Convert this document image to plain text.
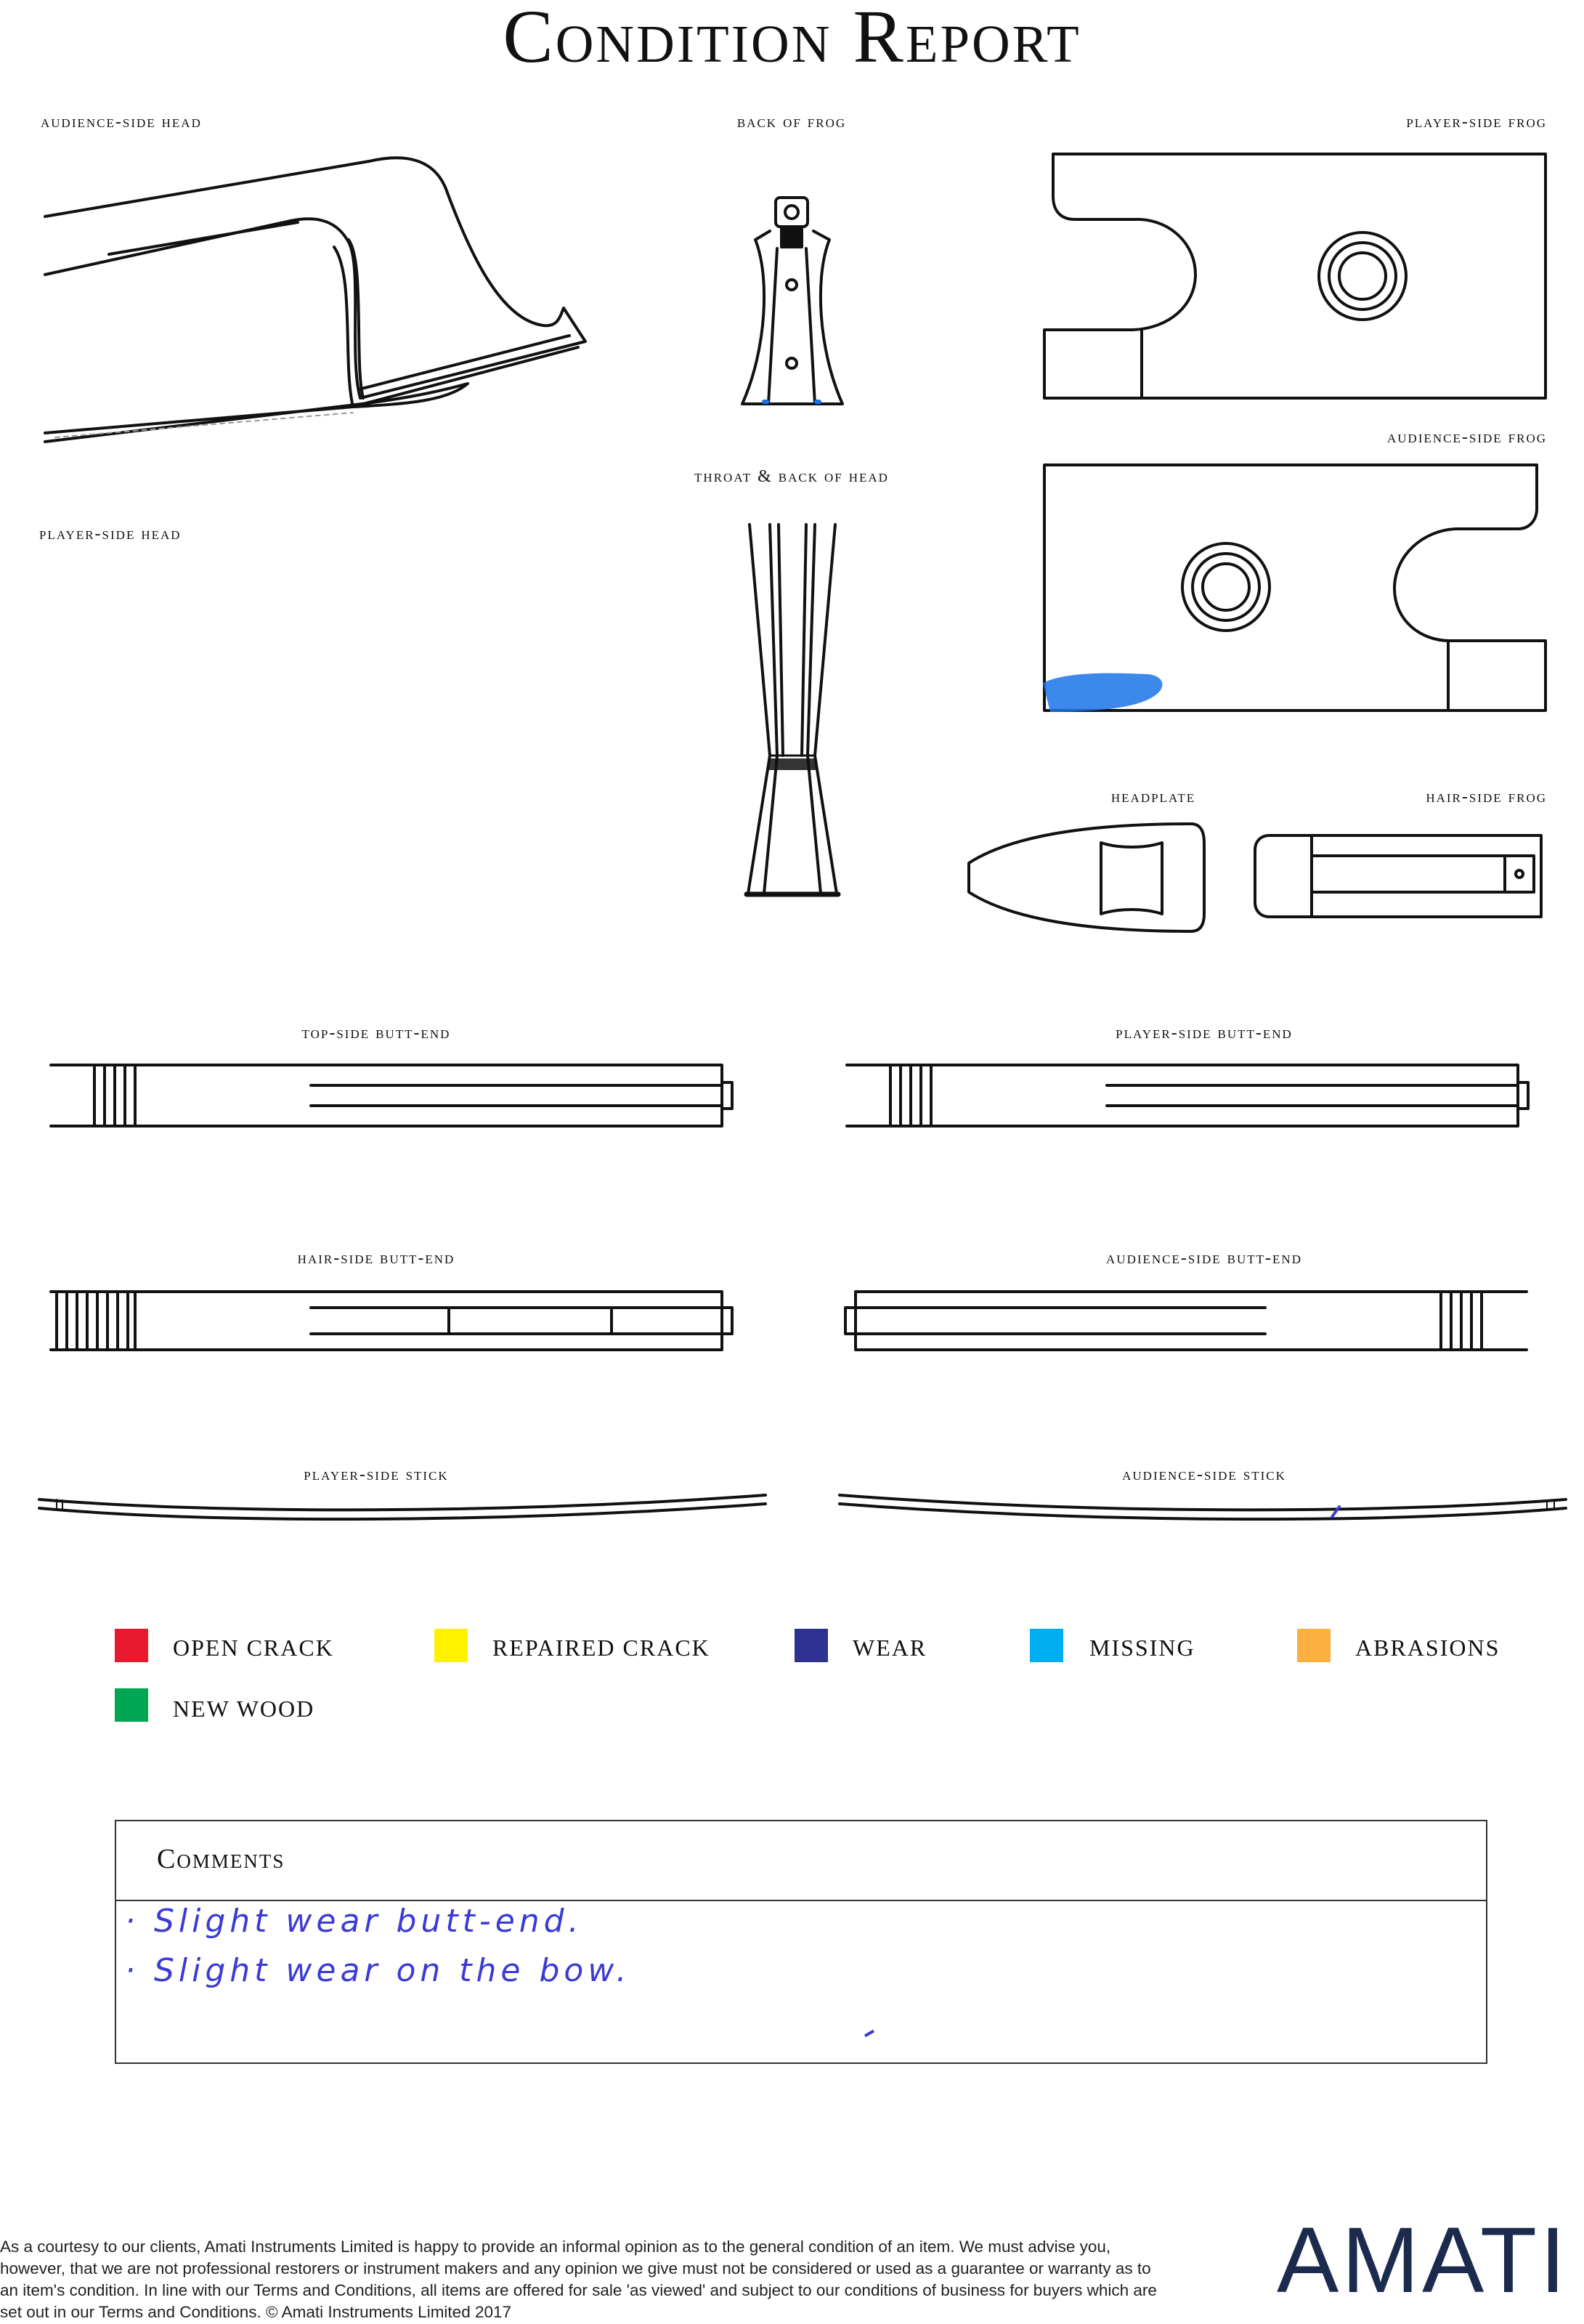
Condition Report
audience-side head	back of frog	player-side frog
throat & back of head
audience-side frog
player-side head
headplate	hair-side frog
top-side butt-end	player-side butt-end
hair-side butt-end	audience-side butt-end
player-side stick	audience-side stick
OPEN CRACK	REPAIRED CRACK	WEAR	MISSING	ABRASIONS
NEW WOOD
Comments
· Slight wear butt-end.
· Slight wear on the bow.
As a courtesy to our clients, Amati Instruments Limited is happy to provide an informal opinion as to the general condition of an item. We must advise you, however, that we are not professional restorers or instrument makers and any opinion we give must not be considered or used as a guarantee or warranty as to an item's condition. In line with our Terms and Conditions, all items are offered for sale 'as viewed' and subject to our conditions of business for buyers which are set out in our Terms and Conditions. © Amati Instruments Limited 2017	AMATI
